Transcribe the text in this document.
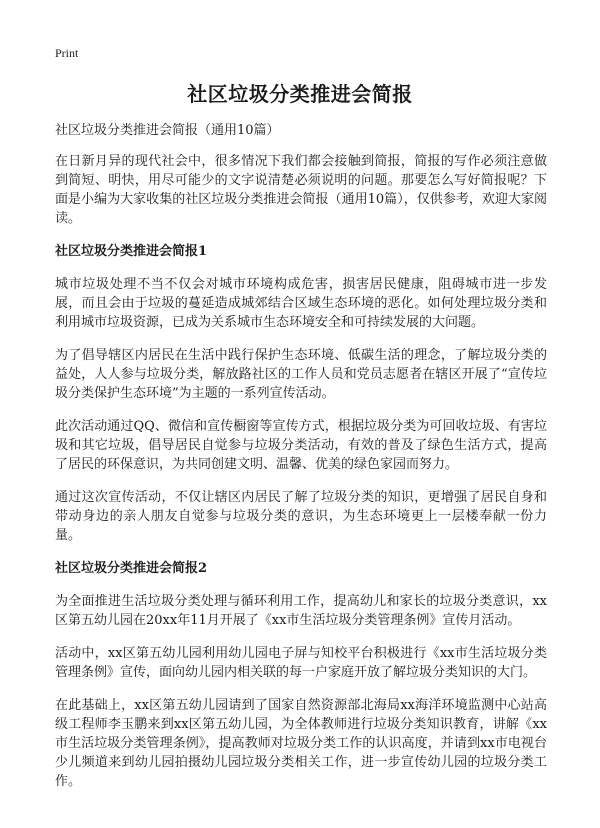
Print
社区垃圾分类推进会简报

社区垃圾分类推进会简报（通用10篇）

在日新月异的现代社会中，很多情况下我们都会接触到简报，简报的写作必须注意做到简短、明快，用尽可能少的文字说清楚必须说明的问题。那要怎么写好简报呢？下面是小编为大家收集的社区垃圾分类推进会简报（通用10篇），仅供参考，欢迎大家阅读。

社区垃圾分类推进会简报1

城市垃圾处理不当不仅会对城市环境构成危害，损害居民健康，阻碍城市进一步发展，而且会由于垃圾的蔓延造成城郊结合区域生态环境的恶化。如何处理垃圾分类和利用城市垃圾资源，已成为关系城市生态环境安全和可持续发展的大问题。

为了倡导辖区内居民在生活中践行保护生态环境、低碳生活的理念，了解垃圾分类的益处，人人参与垃圾分类，解放路社区的工作人员和党员志愿者在辖区开展了“宣传垃圾分类保护生态环境”为主题的一系列宣传活动。

此次活动通过QQ、微信和宣传橱窗等宣传方式，根据垃圾分类为可回收垃圾、有害垃圾和其它垃圾，倡导居民自觉参与垃圾分类活动，有效的普及了绿色生活方式，提高了居民的环保意识，为共同创建文明、温馨、优美的绿色家园而努力。

通过这次宣传活动，不仅让辖区内居民了解了垃圾分类的知识，更增强了居民自身和带动身边的亲人朋友自觉参与垃圾分类的意识，为生态环境更上一层楼奉献一份力量。

社区垃圾分类推进会简报2

为全面推进生活垃圾分类处理与循环利用工作，提高幼儿和家长的垃圾分类意识，xx区第五幼儿园在20xx年11月开展了《xx市生活垃圾分类管理条例》宣传月活动。

活动中，xx区第五幼儿园利用幼儿园电子屏与知校平台积极进行《xx市生活垃圾分类管理条例》宣传，面向幼儿园内相关联的每一户家庭开放了解垃圾分类知识的大门。

在此基础上，xx区第五幼儿园请到了国家自然资源部北海局xx海洋环境监测中心站高级工程师李玉鹏来到xx区第五幼儿园，为全体教师进行垃圾分类知识教育，讲解《xx市生活垃圾分类管理条例》，提高教师对垃圾分类工作的认识高度，并请到xx市电视台少儿频道来到幼儿园拍摄幼儿园垃圾分类相关工作，进一步宣传幼儿园的垃圾分类工作。
